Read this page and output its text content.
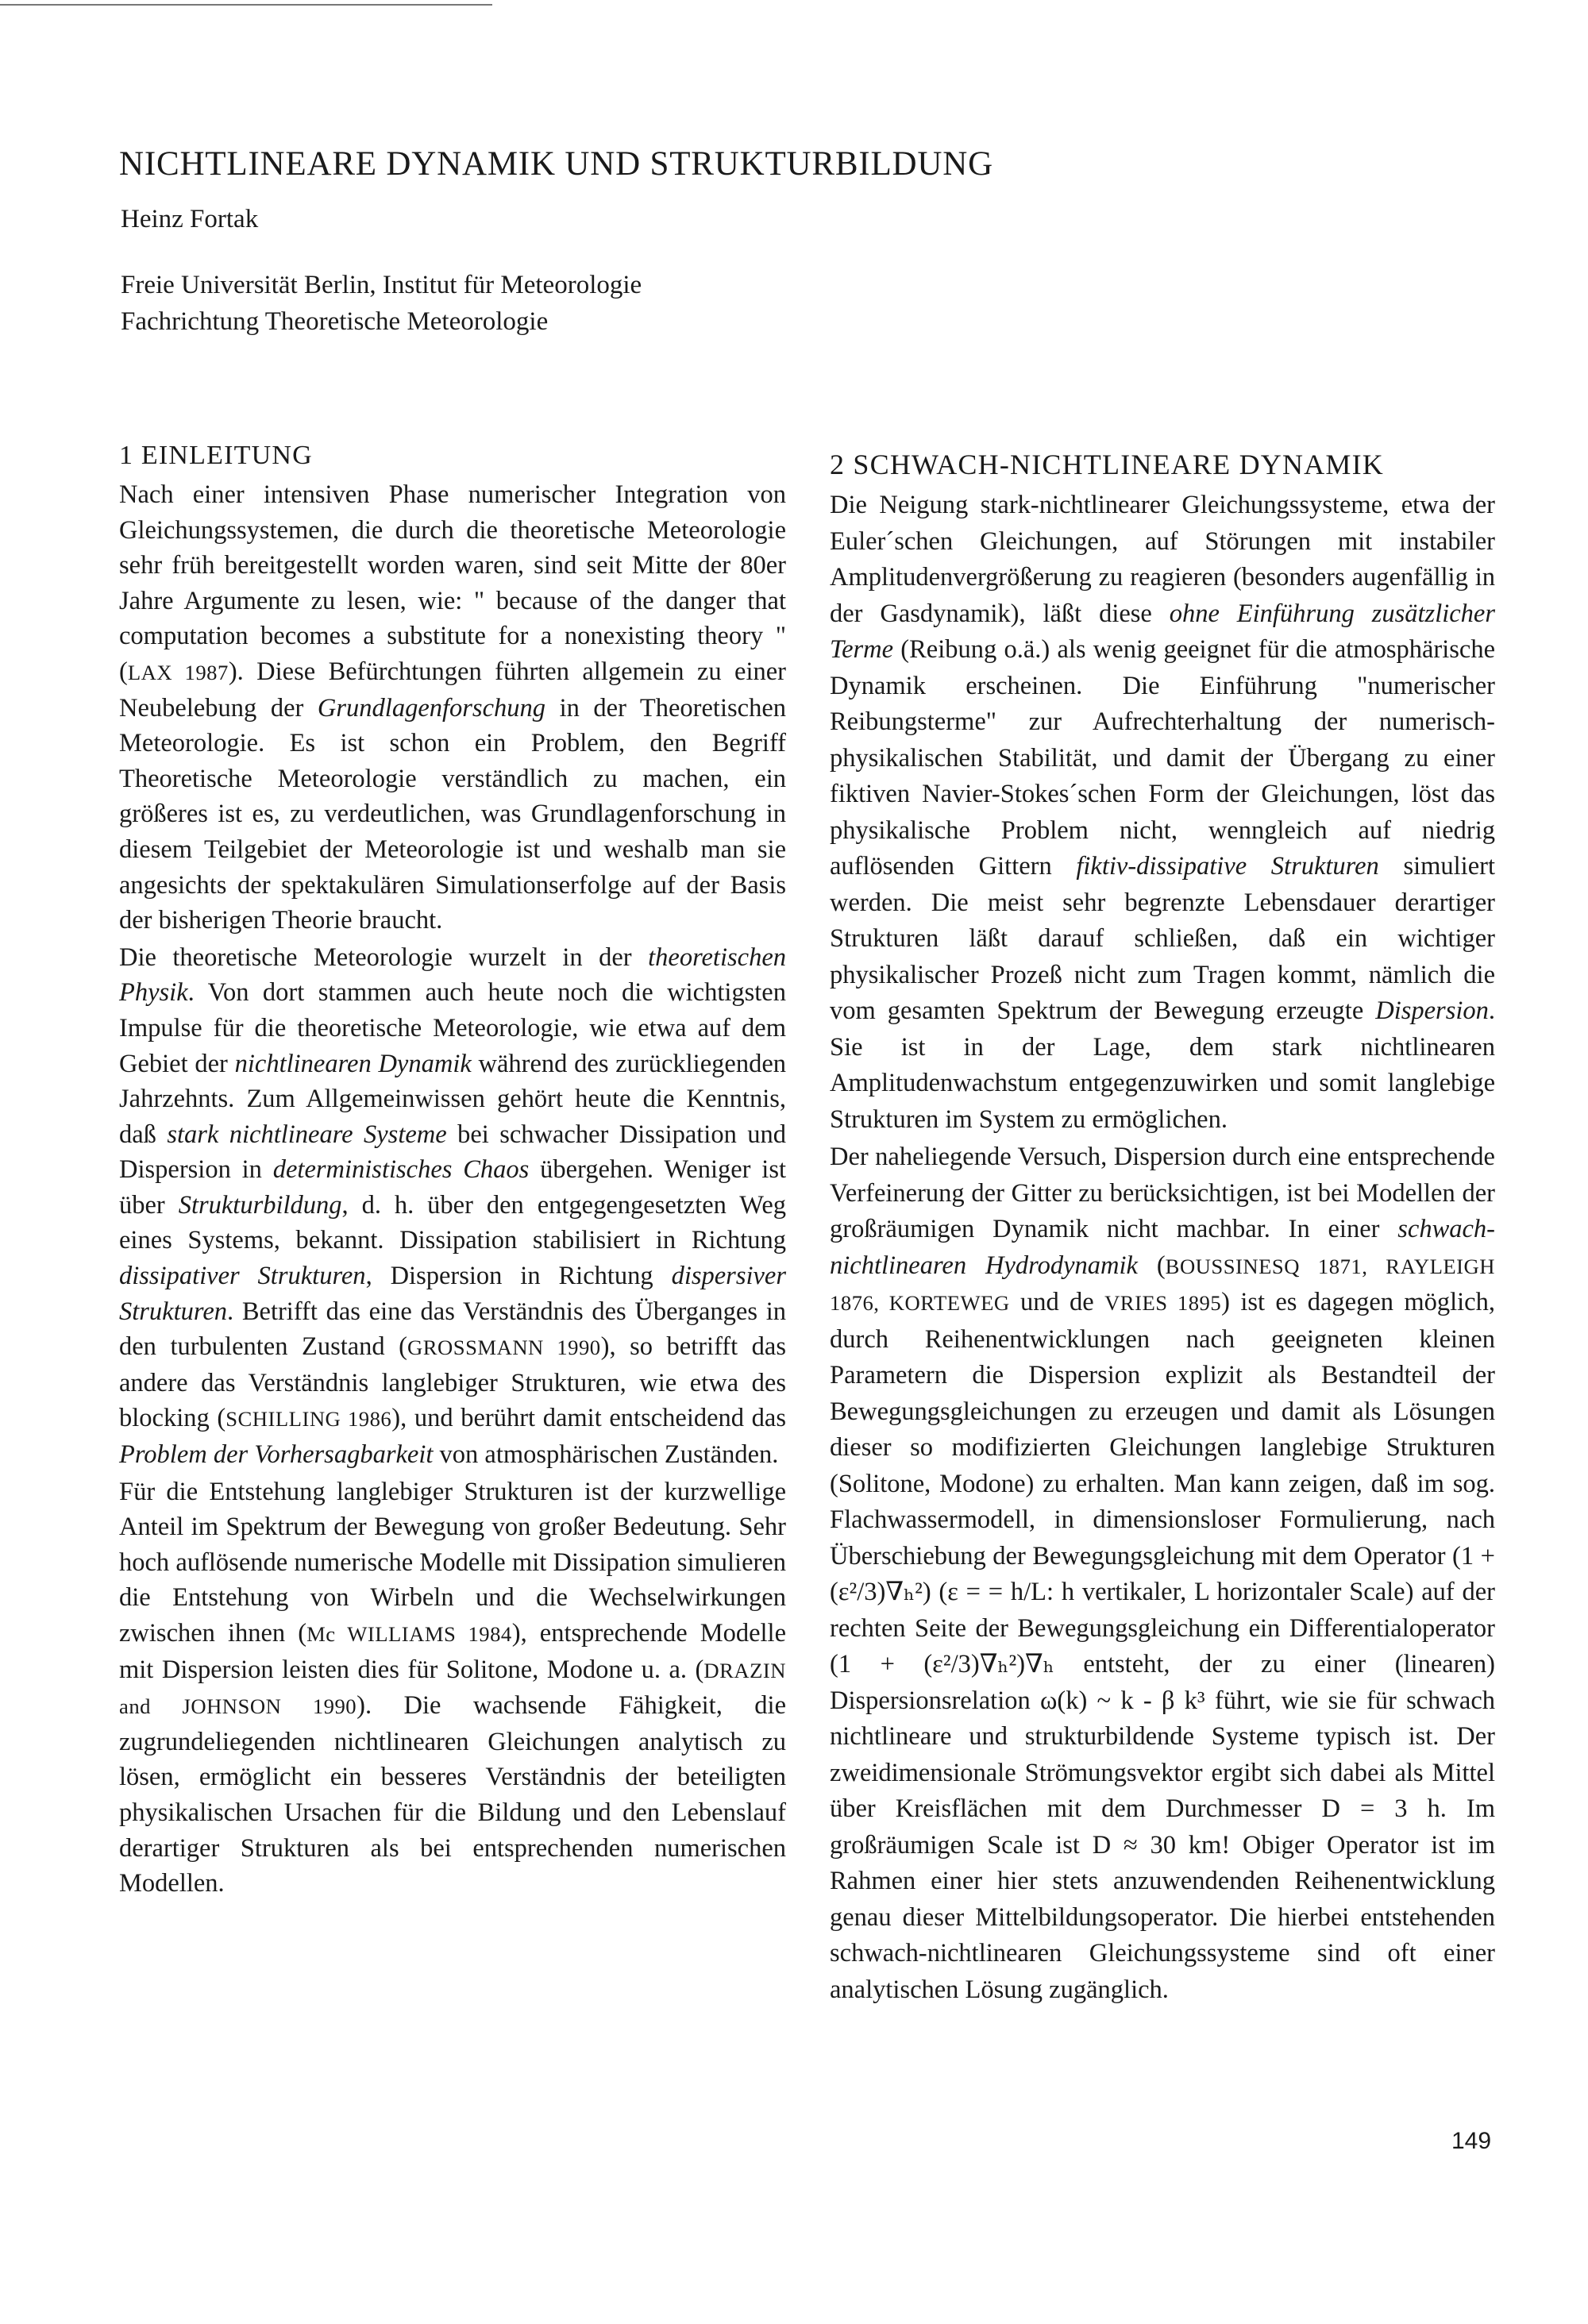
NICHTLINEARE DYNAMIK UND STRUKTURBILDUNG

Heinz Fortak

Freie Universität Berlin, Institut für Meteorologie
Fachrichtung Theoretische Meteorologie

1 EINLEITUNG

Nach einer intensiven Phase numerischer Integration von Gleichungssystemen, die durch die theoretische Meteorologie sehr früh bereitgestellt worden waren, sind seit Mitte der 80er Jahre Argumente zu lesen, wie: " because of the danger that computation becomes a substitute for a nonexisting theory " (LAX 1987). Diese Befürchtungen führten allgemein zu einer Neubelebung der Grundlagenforschung in der Theoretischen Meteorologie. Es ist schon ein Problem, den Begriff Theoretische Meteorologie verständlich zu machen, ein größeres ist es, zu verdeutlichen, was Grundlagenforschung in diesem Teilgebiet der Meteorologie ist und weshalb man sie angesichts der spektakulären Simulationserfolge auf der Basis der bisherigen Theorie braucht.

Die theoretische Meteorologie wurzelt in der theoretischen Physik. Von dort stammen auch heute noch die wichtigsten Impulse für die theoretische Meteorologie, wie etwa auf dem Gebiet der nichtlinearen Dynamik während des zurückliegenden Jahrzehnts. Zum Allgemeinwissen gehört heute die Kenntnis, daß stark nichtlineare Systeme bei schwacher Dissipation und Dispersion in deterministisches Chaos übergehen. Weniger ist über Strukturbildung, d. h. über den entgegengesetzten Weg eines Systems, bekannt. Dissipation stabilisiert in Richtung dissipativer Strukturen, Dispersion in Richtung dispersiver Strukturen. Betrifft das eine das Verständnis des Überganges in den turbulenten Zustand (GROSSMANN 1990), so betrifft das andere das Verständnis langlebiger Strukturen, wie etwa des blocking (SCHILLING 1986), und berührt damit entscheidend das Problem der Vorhersagbarkeit von atmosphärischen Zuständen.

Für die Entstehung langlebiger Strukturen ist der kurzwellige Anteil im Spektrum der Bewegung von großer Bedeutung. Sehr hoch auflösende numerische Modelle mit Dissipation simulieren die Entstehung von Wirbeln und die Wechselwirkungen zwischen ihnen (Mc WILLIAMS 1984), entsprechende Modelle mit Dispersion leisten dies für Solitone, Modone u. a. (DRAZIN and JOHNSON 1990). Die wachsende Fähigkeit, die zugrundeliegenden nichtlinearen Gleichungen analytisch zu lösen, ermöglicht ein besseres Verständnis der beteiligten physikalischen Ursachen für die Bildung und den Lebenslauf derartiger Strukturen als bei entsprechenden numerischen Modellen.

2 SCHWACH-NICHTLINEARE DYNAMIK

Die Neigung stark-nichtlinearer Gleichungssysteme, etwa der Euler´schen Gleichungen, auf Störungen mit instabiler Amplitudenvergrößerung zu reagieren (besonders augenfällig in der Gasdynamik), läßt diese ohne Einführung zusätzlicher Terme (Reibung o.ä.) als wenig geeignet für die atmosphärische Dynamik erscheinen. Die Einführung "numerischer Reibungsterme" zur Aufrechterhaltung der numerisch-physikalischen Stabilität, und damit der Übergang zu einer fiktiven Navier-Stokes´schen Form der Gleichungen, löst das physikalische Problem nicht, wenngleich auf niedrig auflösenden Gittern fiktiv-dissipative Strukturen simuliert werden. Die meist sehr begrenzte Lebensdauer derartiger Strukturen läßt darauf schließen, daß ein wichtiger physikalischer Prozeß nicht zum Tragen kommt, nämlich die vom gesamten Spektrum der Bewegung erzeugte Dispersion. Sie ist in der Lage, dem stark nichtlinearen Amplitudenwachstum entgegenzuwirken und somit langlebige Strukturen im System zu ermöglichen.

Der naheliegende Versuch, Dispersion durch eine entsprechende Verfeinerung der Gitter zu berücksichtigen, ist bei Modellen der großräumigen Dynamik nicht machbar. In einer schwach-nichtlinearen Hydrodynamik (BOUSSINESQ 1871, RAYLEIGH 1876, KORTEWEG und de VRIES 1895) ist es dagegen möglich, durch Reihenentwicklungen nach geeigneten kleinen Parametern die Dispersion explizit als Bestandteil der Bewegungsgleichungen zu erzeugen und damit als Lösungen dieser so modifizierten Gleichungen langlebige Strukturen (Solitone, Modone) zu erhalten. Man kann zeigen, daß im sog. Flachwassermodell, in dimensionsloser Formulierung, nach Überschiebung der Bewegungsgleichung mit dem Operator (1 + (ε²/3)∇ₕ²) (ε = = h/L: h vertikaler, L horizontaler Scale) auf der rechten Seite der Bewegungsgleichung ein Differentialoperator (1 + (ε²/3)∇ₕ²)∇ₕ entsteht, der zu einer (linearen) Dispersionsrelation ω(k) ~ k - β k³ führt, wie sie für schwach nichtlineare und strukturbildende Systeme typisch ist. Der zweidimensionale Strömungsvektor ergibt sich dabei als Mittel über Kreisflächen mit dem Durchmesser D = 3 h. Im großräumigen Scale ist D ≈ 30 km! Obiger Operator ist im Rahmen einer hier stets anzuwendenden Reihenentwicklung genau dieser Mittelbildungsoperator. Die hierbei entstehenden schwach-nichtlinearen Gleichungssysteme sind oft einer analytischen Lösung zugänglich.

149
